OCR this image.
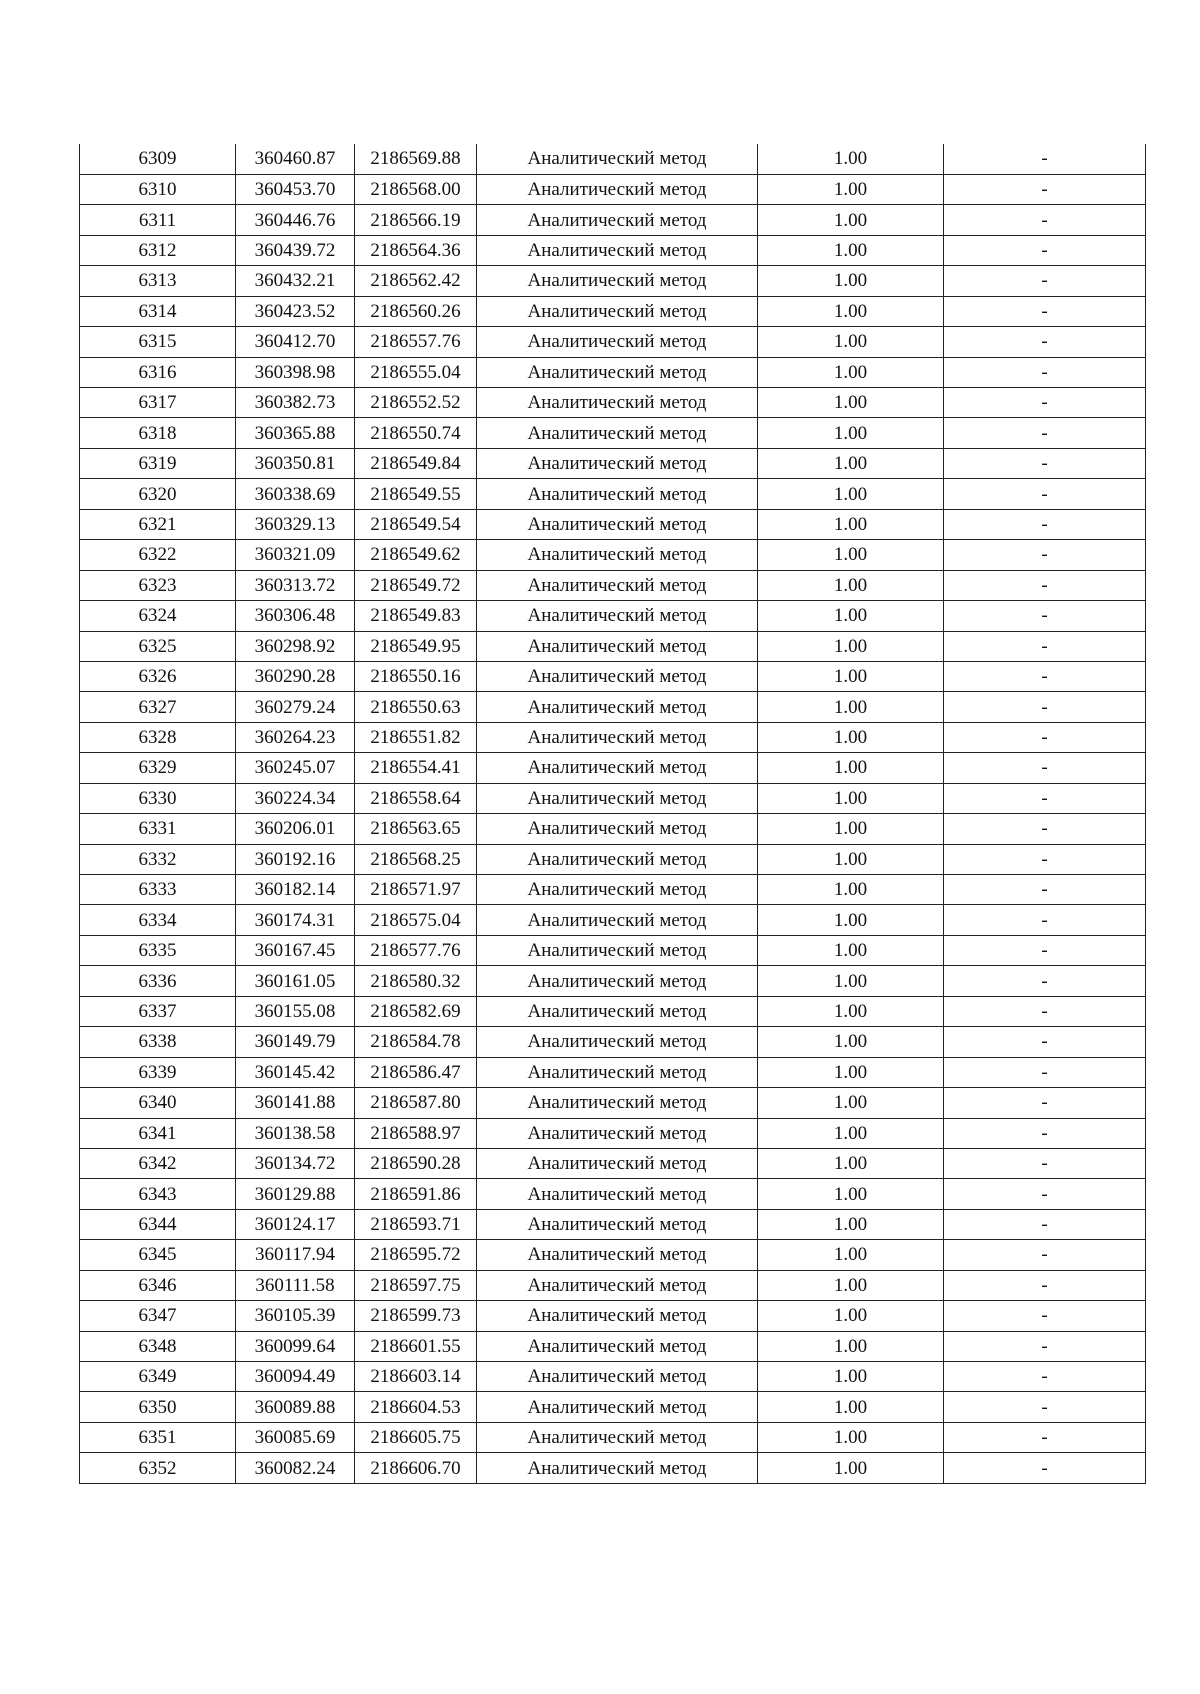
6309	360460.87	2186569.88	Аналитический метод	1.00	-
6310	360453.70	2186568.00	Аналитический метод	1.00	-
6311	360446.76	2186566.19	Аналитический метод	1.00	-
6312	360439.72	2186564.36	Аналитический метод	1.00	-
6313	360432.21	2186562.42	Аналитический метод	1.00	-
6314	360423.52	2186560.26	Аналитический метод	1.00	-
6315	360412.70	2186557.76	Аналитический метод	1.00	-
6316	360398.98	2186555.04	Аналитический метод	1.00	-
6317	360382.73	2186552.52	Аналитический метод	1.00	-
6318	360365.88	2186550.74	Аналитический метод	1.00	-
6319	360350.81	2186549.84	Аналитический метод	1.00	-
6320	360338.69	2186549.55	Аналитический метод	1.00	-
6321	360329.13	2186549.54	Аналитический метод	1.00	-
6322	360321.09	2186549.62	Аналитический метод	1.00	-
6323	360313.72	2186549.72	Аналитический метод	1.00	-
6324	360306.48	2186549.83	Аналитический метод	1.00	-
6325	360298.92	2186549.95	Аналитический метод	1.00	-
6326	360290.28	2186550.16	Аналитический метод	1.00	-
6327	360279.24	2186550.63	Аналитический метод	1.00	-
6328	360264.23	2186551.82	Аналитический метод	1.00	-
6329	360245.07	2186554.41	Аналитический метод	1.00	-
6330	360224.34	2186558.64	Аналитический метод	1.00	-
6331	360206.01	2186563.65	Аналитический метод	1.00	-
6332	360192.16	2186568.25	Аналитический метод	1.00	-
6333	360182.14	2186571.97	Аналитический метод	1.00	-
6334	360174.31	2186575.04	Аналитический метод	1.00	-
6335	360167.45	2186577.76	Аналитический метод	1.00	-
6336	360161.05	2186580.32	Аналитический метод	1.00	-
6337	360155.08	2186582.69	Аналитический метод	1.00	-
6338	360149.79	2186584.78	Аналитический метод	1.00	-
6339	360145.42	2186586.47	Аналитический метод	1.00	-
6340	360141.88	2186587.80	Аналитический метод	1.00	-
6341	360138.58	2186588.97	Аналитический метод	1.00	-
6342	360134.72	2186590.28	Аналитический метод	1.00	-
6343	360129.88	2186591.86	Аналитический метод	1.00	-
6344	360124.17	2186593.71	Аналитический метод	1.00	-
6345	360117.94	2186595.72	Аналитический метод	1.00	-
6346	360111.58	2186597.75	Аналитический метод	1.00	-
6347	360105.39	2186599.73	Аналитический метод	1.00	-
6348	360099.64	2186601.55	Аналитический метод	1.00	-
6349	360094.49	2186603.14	Аналитический метод	1.00	-
6350	360089.88	2186604.53	Аналитический метод	1.00	-
6351	360085.69	2186605.75	Аналитический метод	1.00	-
6352	360082.24	2186606.70	Аналитический метод	1.00	-
